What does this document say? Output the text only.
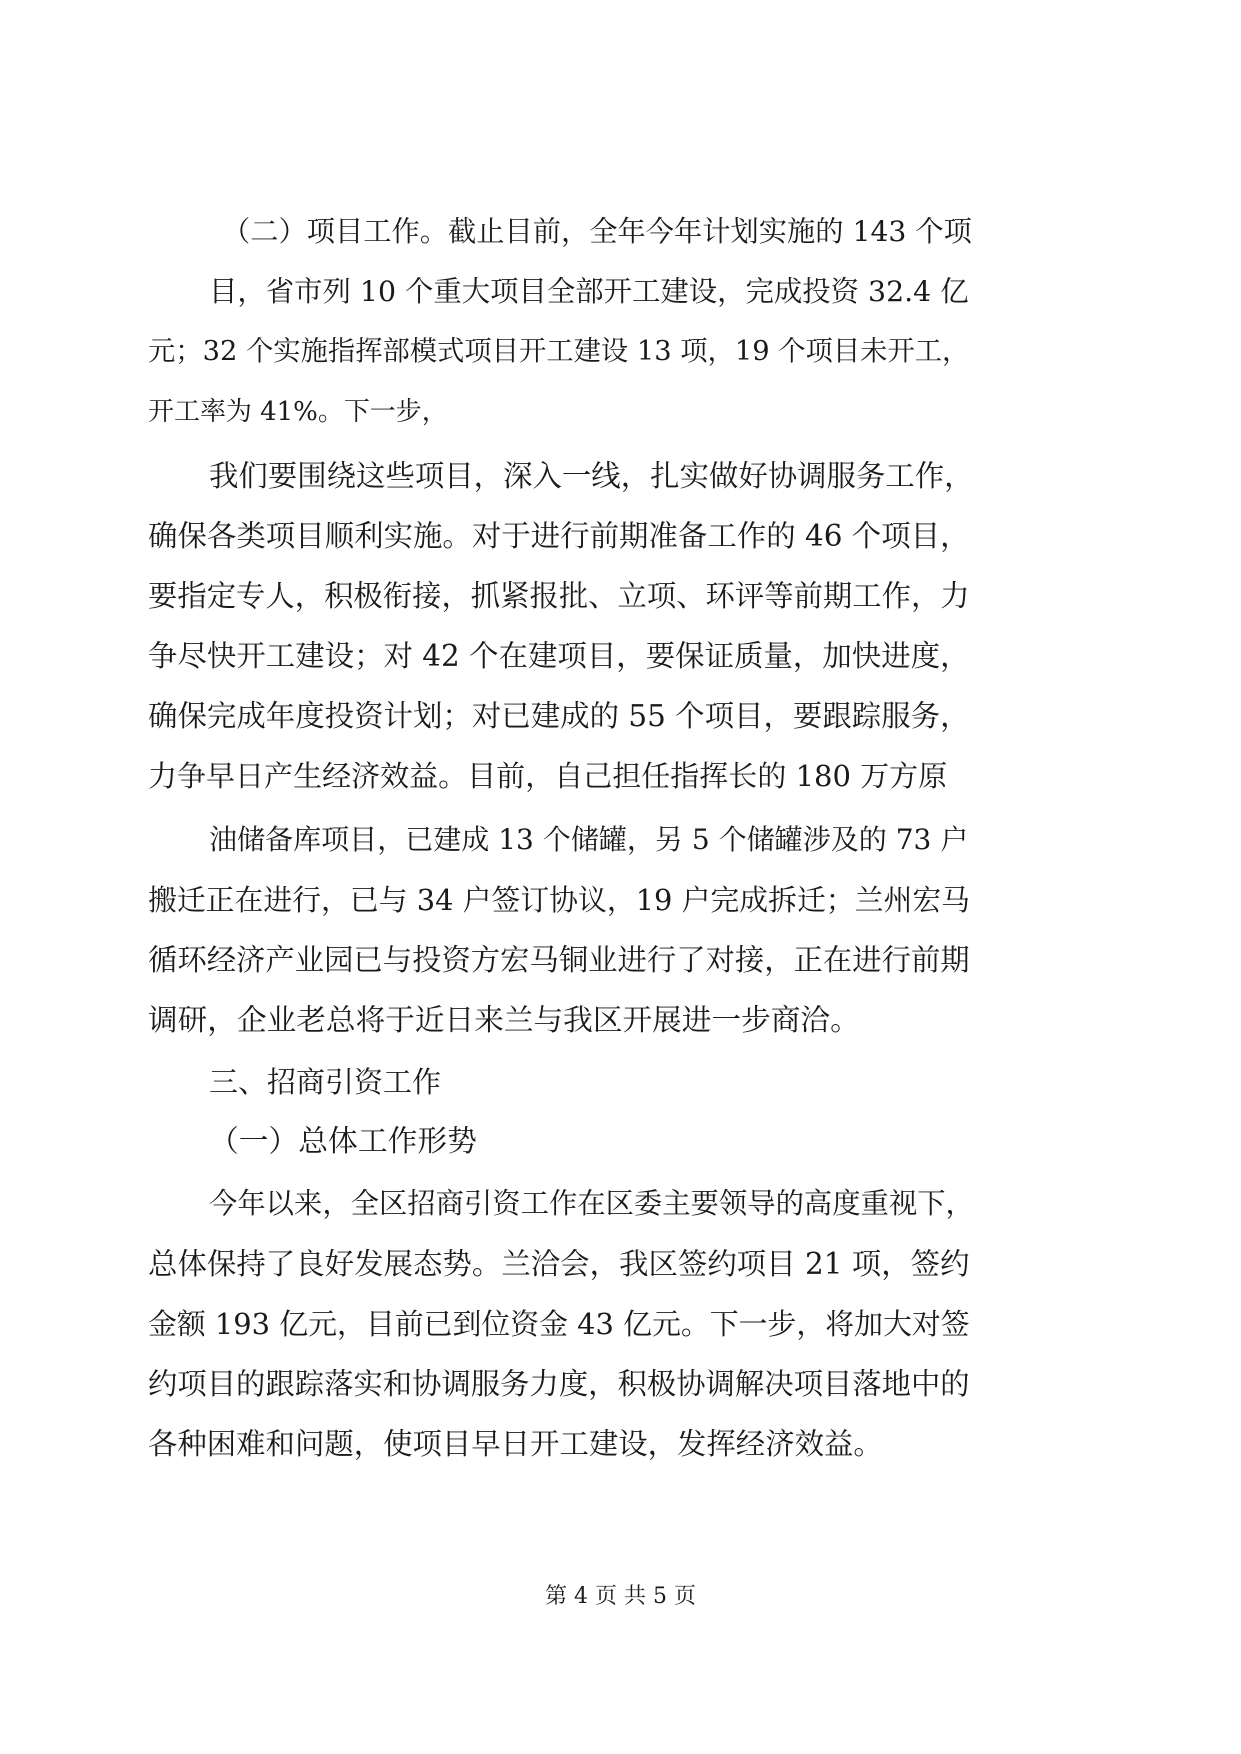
（二）项目工作。截止目前，全年今年计划实施的 143 个项
目，省市列 10 个重大项目全部开工建设，完成投资 32.4 亿
元；32 个实施指挥部模式项目开工建设 13 项，19 个项目未开工，
开工率为 41%。下一步，
我们要围绕这些项目，深入一线，扎实做好协调服务工作，
确保各类项目顺利实施。对于进行前期准备工作的 46 个项目，
要指定专人，积极衔接，抓紧报批、立项、环评等前期工作，力
争尽快开工建设；对 42 个在建项目，要保证质量，加快进度，
确保完成年度投资计划；对已建成的 55 个项目，要跟踪服务，
力争早日产生经济效益。目前，自己担任指挥长的 180 万方原
油储备库项目，已建成 13 个储罐，另 5 个储罐涉及的 73 户
搬迁正在进行，已与 34 户签订协议，19 户完成拆迁；兰州宏马
循环经济产业园已与投资方宏马铜业进行了对接，正在进行前期
调研，企业老总将于近日来兰与我区开展进一步商洽。
三、招商引资工作
（一）总体工作形势
今年以来，全区招商引资工作在区委主要领导的高度重视下，
总体保持了良好发展态势。兰洽会，我区签约项目 21 项，签约
金额 193 亿元，目前已到位资金 43 亿元。下一步，将加大对签
约项目的跟踪落实和协调服务力度，积极协调解决项目落地中的
各种困难和问题，使项目早日开工建设，发挥经济效益。
第 4 页 共 5 页
